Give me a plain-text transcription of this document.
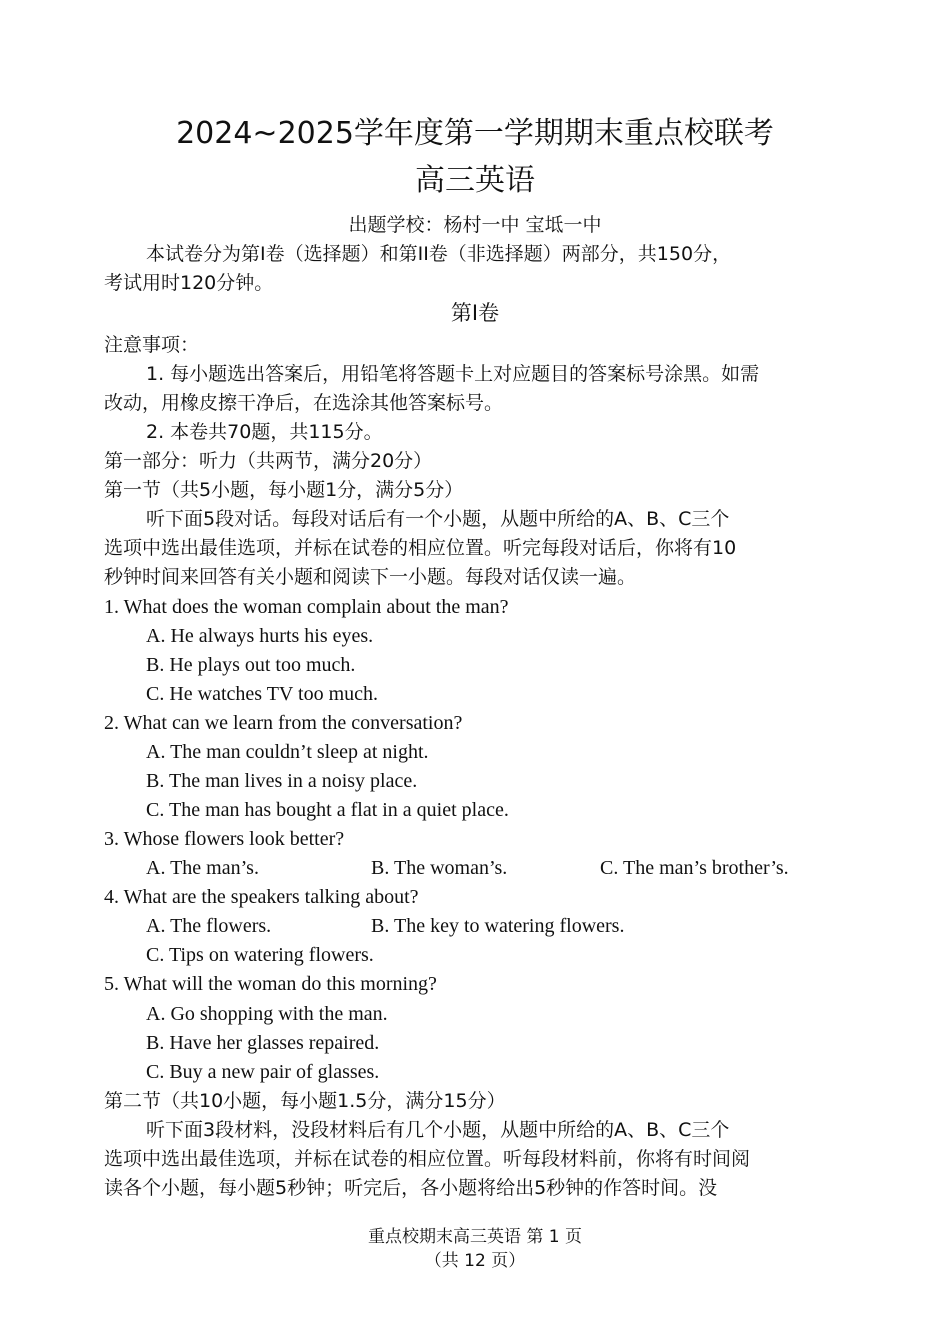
2024~2025学年度第一学期期末重点校联考
高三英语
出题学校：杨村一中 宝坻一中
本试卷分为第I卷（选择题）和第II卷（非选择题）两部分，共150分，
考试用时120分钟。
第I卷
注意事项：
1. 每小题选出答案后，用铅笔将答题卡上对应题目的答案标号涂黑。如需
改动，用橡皮擦干净后，在选涂其他答案标号。
2. 本卷共70题，共115分。
第一部分：听力（共两节，满分20分）
第一节（共5小题，每小题1分，满分5分）
听下面5段对话。每段对话后有一个小题，从题中所给的A、B、C三个
选项中选出最佳选项，并标在试卷的相应位置。听完每段对话后，你将有10
秒钟时间来回答有关小题和阅读下一小题。每段对话仅读一遍。
1. What does the woman complain about the man?
A. He always hurts his eyes.
B. He plays out too much.
C. He watches TV too much.
2. What can we learn from the conversation?
A. The man couldn’t sleep at night.
B. The man lives in a noisy place.
C. The man has bought a flat in a quiet place.
3. Whose flowers look better?
A. The man’s.	B. The woman’s.	C. The man’s brother’s.
4. What are the speakers talking about?
A. The flowers.	B. The key to watering flowers.
C. Tips on watering flowers.
5. What will the woman do this morning?
A. Go shopping with the man.
B. Have her glasses repaired.
C. Buy a new pair of glasses.
第二节（共10小题，每小题1.5分，满分15分）
听下面3段材料，没段材料后有几个小题，从题中所给的A、B、C三个
选项中选出最佳选项，并标在试卷的相应位置。听每段材料前，你将有时间阅
读各个小题，每小题5秒钟；听完后，各小题将给出5秒钟的作答时间。没
重点校期末高三英语 第 1 页
（共 12 页）
